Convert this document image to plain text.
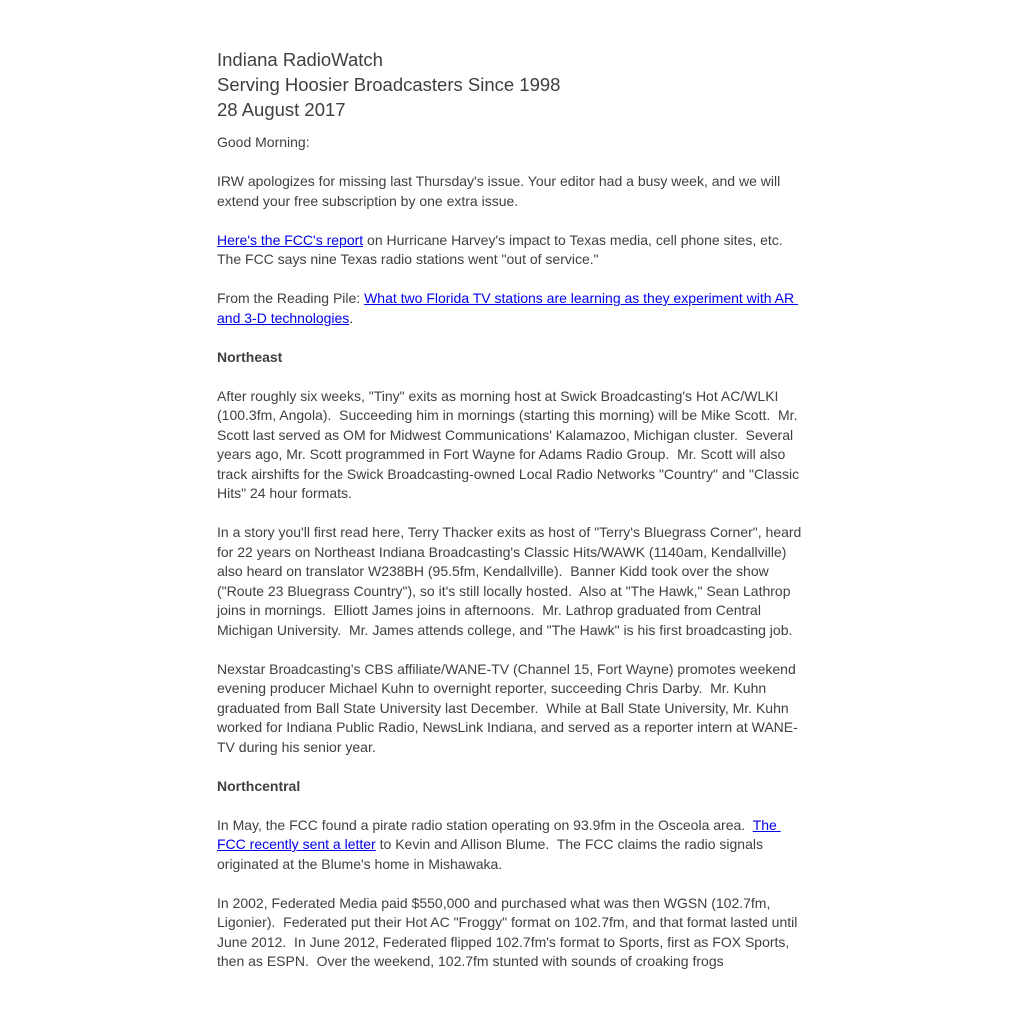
Indiana RadioWatch
Serving Hoosier Broadcasters Since 1998
28 August 2017

Good Morning:

IRW apologizes for missing last Thursday's issue. Your editor had a busy week, and we will extend your free subscription by one extra issue.

Here's the FCC's report on Hurricane Harvey's impact to Texas media, cell phone sites, etc.  The FCC says nine Texas radio stations went "out of service."

From the Reading Pile: What two Florida TV stations are learning as they experiment with AR and 3-D technologies.

Northeast

After roughly six weeks, "Tiny" exits as morning host at Swick Broadcasting's Hot AC/WLKI (100.3fm, Angola).  Succeeding him in mornings (starting this morning) will be Mike Scott.  Mr. Scott last served as OM for Midwest Communications' Kalamazoo, Michigan cluster.  Several years ago, Mr. Scott programmed in Fort Wayne for Adams Radio Group.  Mr. Scott will also track airshifts for the Swick Broadcasting-owned Local Radio Networks "Country" and "Classic Hits" 24 hour formats.

In a story you'll first read here, Terry Thacker exits as host of "Terry's Bluegrass Corner", heard for 22 years on Northeast Indiana Broadcasting's Classic Hits/WAWK (1140am, Kendallville) also heard on translator W238BH (95.5fm, Kendallville).  Banner Kidd took over the show ("Route 23 Bluegrass Country"), so it's still locally hosted.  Also at "The Hawk," Sean Lathrop joins in mornings.  Elliott James joins in afternoons.  Mr. Lathrop graduated from Central Michigan University.  Mr. James attends college, and "The Hawk" is his first broadcasting job.

Nexstar Broadcasting's CBS affiliate/WANE-TV (Channel 15, Fort Wayne) promotes weekend evening producer Michael Kuhn to overnight reporter, succeeding Chris Darby.  Mr. Kuhn graduated from Ball State University last December.  While at Ball State University, Mr. Kuhn worked for Indiana Public Radio, NewsLink Indiana, and served as a reporter intern at WANE-TV during his senior year.

Northcentral

In May, the FCC found a pirate radio station operating on 93.9fm in the Osceola area.  The FCC recently sent a letter to Kevin and Allison Blume.  The FCC claims the radio signals originated at the Blume's home in Mishawaka.

In 2002, Federated Media paid $550,000 and purchased what was then WGSN (102.7fm, Ligonier).  Federated put their Hot AC "Froggy" format on 102.7fm, and that format lasted until June 2012.  In June 2012, Federated flipped 102.7fm's format to Sports, first as FOX Sports, then as ESPN.  Over the weekend, 102.7fm stunted with sounds of croaking frogs
